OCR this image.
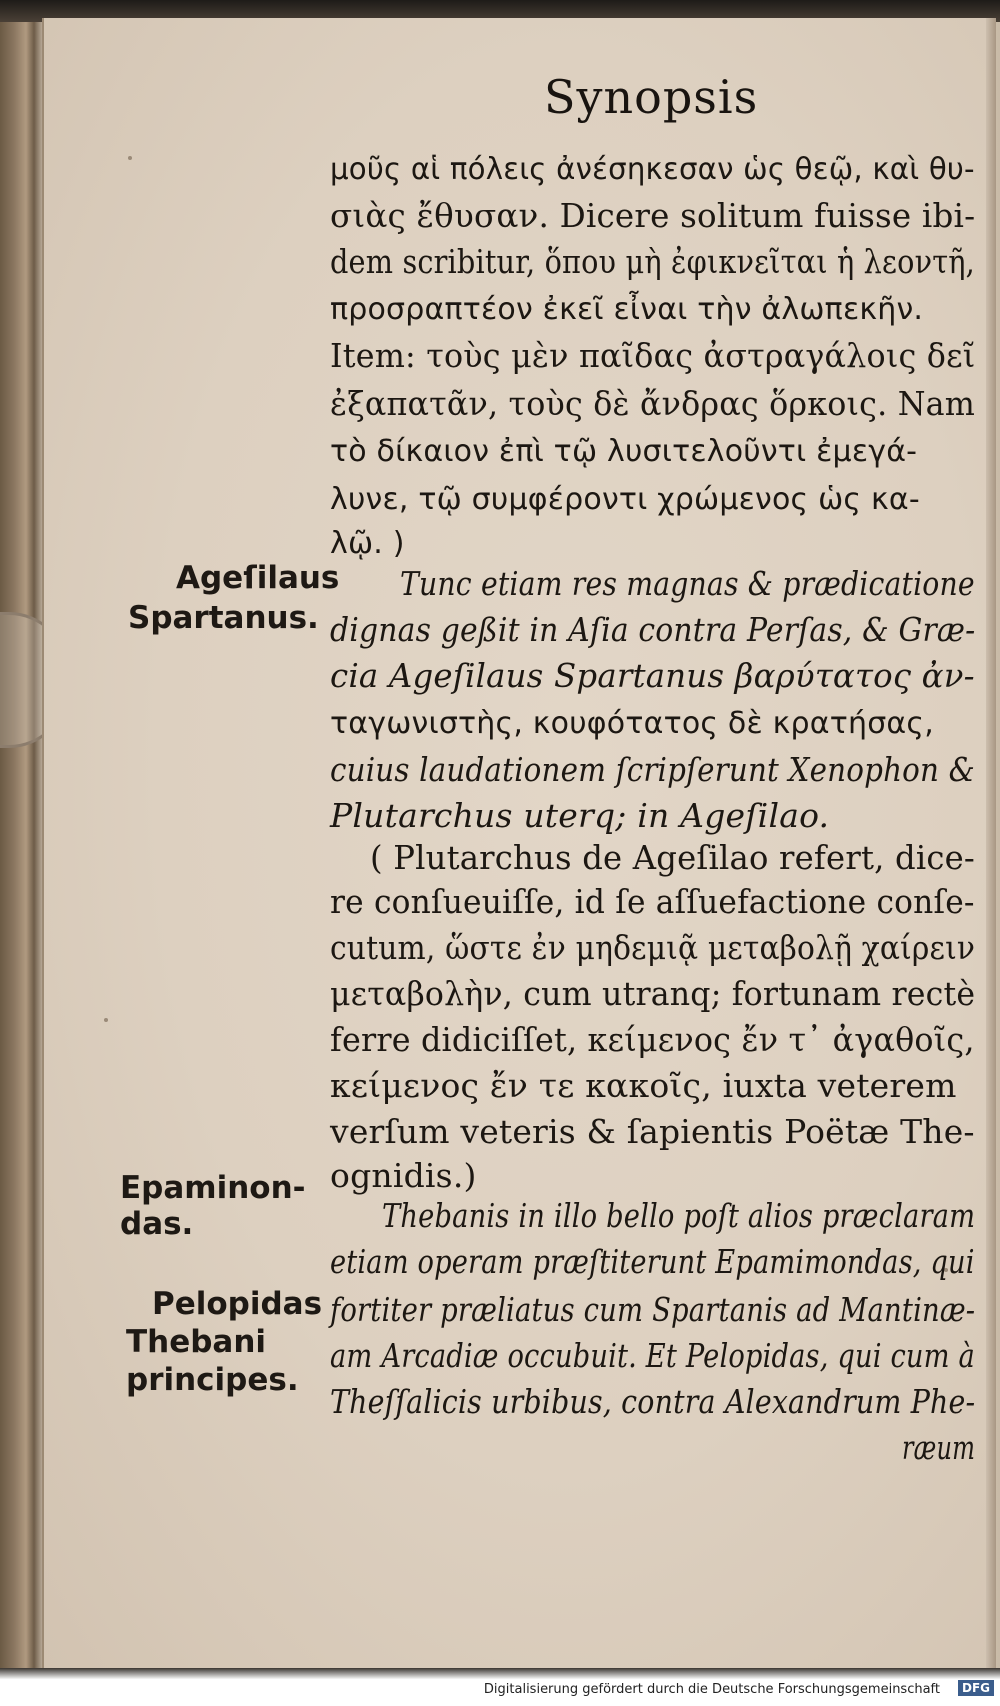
Synopsis
μοῦς αἱ πόλεις ἀνέσηκεσαν ὡς θεῷ, καὶ θυ-
σιὰς ἔθυσαν. Dicere solitum fuisse ibi-
dem scribitur, ὅπου μὴ ἐφικνεῖται ἡ λεοντῆ,
προσραπτέον ἐκεῖ εἶναι τὴν ἀλωπεκῆν.
Item: τοὺς μὲν παῖδας ἀστραγάλοις δεῖ
ἐξαπατᾶν, τοὺς δὲ ἄνδρας ὅρκοις. Nam
τὸ δίκαιον ἐπὶ τῷ λυσιτελοῦντι ἐμεγά-
λυνε, τῷ συμφέροντι χρώμενος ὡς κα-
λῷ. )
Tunc etiam res magnas & prædicatione
dignas geßit in Aſia contra Perſas, & Græ-
cia Ageſilaus Spartanus βαρύτατος ἀν-
ταγωνιστὴς, κουφότατος δὲ κρατήσας,
cuius laudationem ſcripſerunt Xenophon &
Plutarchus uterq; in Ageſilao.
( Plutarchus de Ageſilao refert, dice-
re conſueuiſſe, id ſe aſſuefactione conſe-
cutum, ὥστε ἐν μηδεμιᾷ μεταβολῇ χαίρειν
μεταβολὴν, cum utranq; fortunam rectè
ferre didiciſſet, κείμενος ἔν τ᾽ ἀγαθοῖς,
κείμενος ἔν τε κακοῖς, iuxta veterem
verſum veteris & ſapientis Poëtæ The-
ognidis.)
Thebanis in illo bello poſt alios præclaram
etiam operam præſtiterunt Epamimondas, qui
fortiter præliatus cum Spartanis ad Mantinæ-
am Arcadiæ occubuit. Et Pelopidas, qui cum à
Theſſalicis urbibus, contra Alexandrum Phe-
ræum
Ageſilaus
Spartanus.
Epaminon-
das.
Pelopidas
Thebani
principes.
Digitalisierung gefördert durch die Deutsche Forschungsgemeinschaft	DFG
